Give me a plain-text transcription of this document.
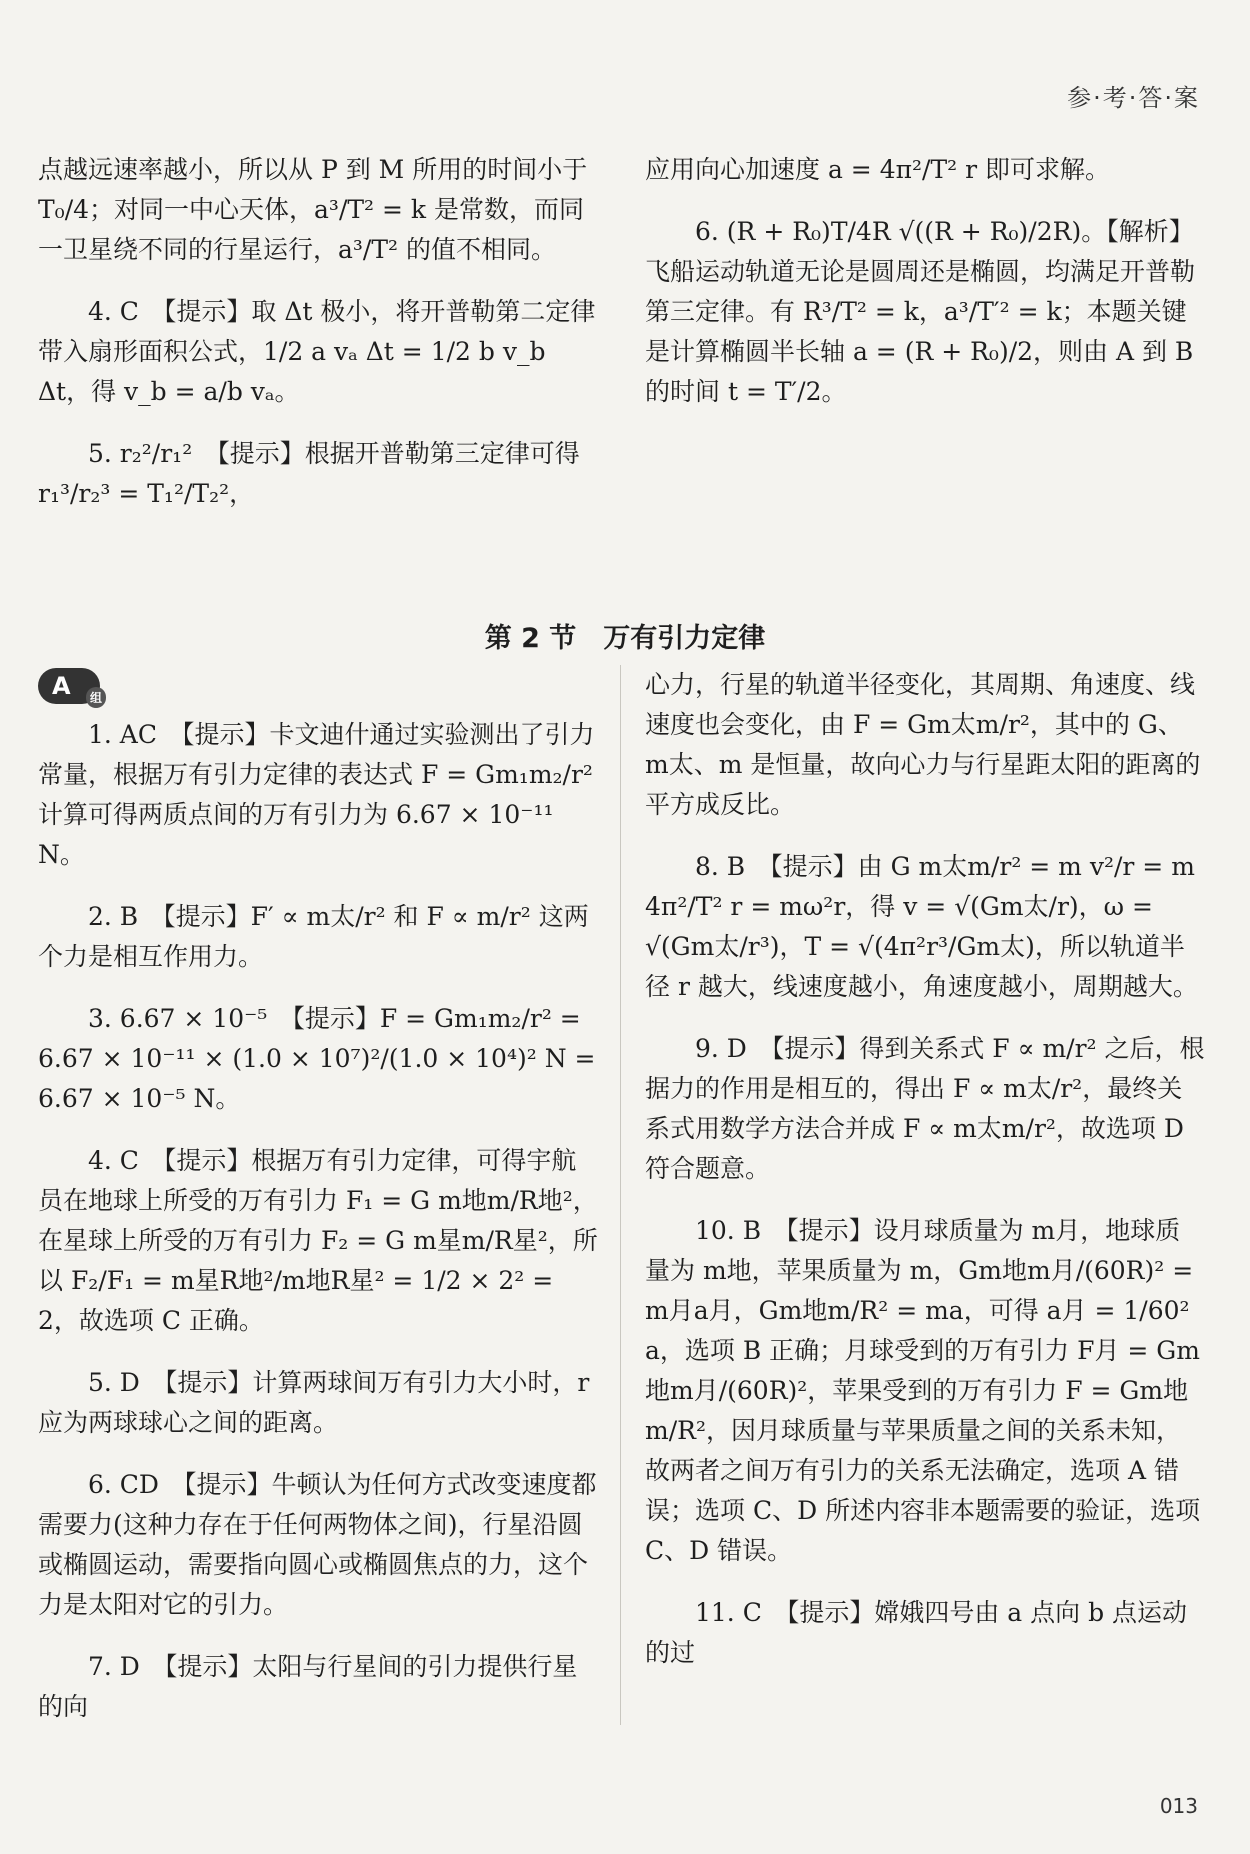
参·考·答·案

点越远速率越小，所以从 P 到 M 所用的时间小于 T₀/4；对同一中心天体，a³/T² = k 是常数，而同一卫星绕不同的行星运行，a³/T² 的值不相同。

4. C　【提示】取 Δt 极小，将开普勒第二定律带入扇形面积公式，1/2 a vₐ Δt = 1/2 b v_b Δt，得 v_b = a/b vₐ。

5. r₂²/r₁²　【提示】根据开普勒第三定律可得 r₁³/r₂³ = T₁²/T₂²，

应用向心加速度 a = 4π²/T² r 即可求解。

6. (R + R₀)T/4R √((R + R₀)/2R)。【解析】飞船运动轨道无论是圆周还是椭圆，均满足开普勒第三定律。有 R³/T² = k，a³/T′² = k；本题关键是计算椭圆半长轴 a = (R + R₀)/2，则由 A 到 B 的时间 t = T′/2。

第 2 节　万有引力定律
A	组

1. AC　【提示】卡文迪什通过实验测出了引力常量，根据万有引力定律的表达式 F = Gm₁m₂/r² 计算可得两质点间的万有引力为 6.67 × 10⁻¹¹ N。

2. B　【提示】F′ ∝ m太/r² 和 F ∝ m/r² 这两个力是相互作用力。

3. 6.67 × 10⁻⁵　【提示】F = Gm₁m₂/r² = 6.67 × 10⁻¹¹ × (1.0 × 10⁷)²/(1.0 × 10⁴)² N = 6.67 × 10⁻⁵ N。

4. C　【提示】根据万有引力定律，可得宇航员在地球上所受的万有引力 F₁ = G m地m/R地²，在星球上所受的万有引力 F₂ = G m星m/R星²，所以 F₂/F₁ = m星R地²/m地R星² = 1/2 × 2² = 2，故选项 C 正确。

5. D　【提示】计算两球间万有引力大小时，r 应为两球球心之间的距离。

6. CD　【提示】牛顿认为任何方式改变速度都需要力(这种力存在于任何两物体之间)，行星沿圆或椭圆运动，需要指向圆心或椭圆焦点的力，这个力是太阳对它的引力。

7. D　【提示】太阳与行星间的引力提供行星的向

心力，行星的轨道半径变化，其周期、角速度、线速度也会变化，由 F = Gm太m/r²，其中的 G、m太、m 是恒量，故向心力与行星距太阳的距离的平方成反比。

8. B　【提示】由 G m太m/r² = m v²/r = m 4π²/T² r = mω²r，得 v = √(Gm太/r)，ω = √(Gm太/r³)，T = √(4π²r³/Gm太)，所以轨道半径 r 越大，线速度越小，角速度越小，周期越大。

9. D　【提示】得到关系式 F ∝ m/r² 之后，根据力的作用是相互的，得出 F ∝ m太/r²，最终关系式用数学方法合并成 F ∝ m太m/r²，故选项 D 符合题意。

10. B　【提示】设月球质量为 m月，地球质量为 m地，苹果质量为 m，Gm地m月/(60R)² = m月a月，Gm地m/R² = ma，可得 a月 = 1/60² a，选项 B 正确；月球受到的万有引力 F月 = Gm地m月/(60R)²，苹果受到的万有引力 F = Gm地m/R²，因月球质量与苹果质量之间的关系未知，故两者之间万有引力的关系无法确定，选项 A 错误；选项 C、D 所述内容非本题需要的验证，选项 C、D 错误。

11. C　【提示】嫦娥四号由 a 点向 b 点运动的过

013
